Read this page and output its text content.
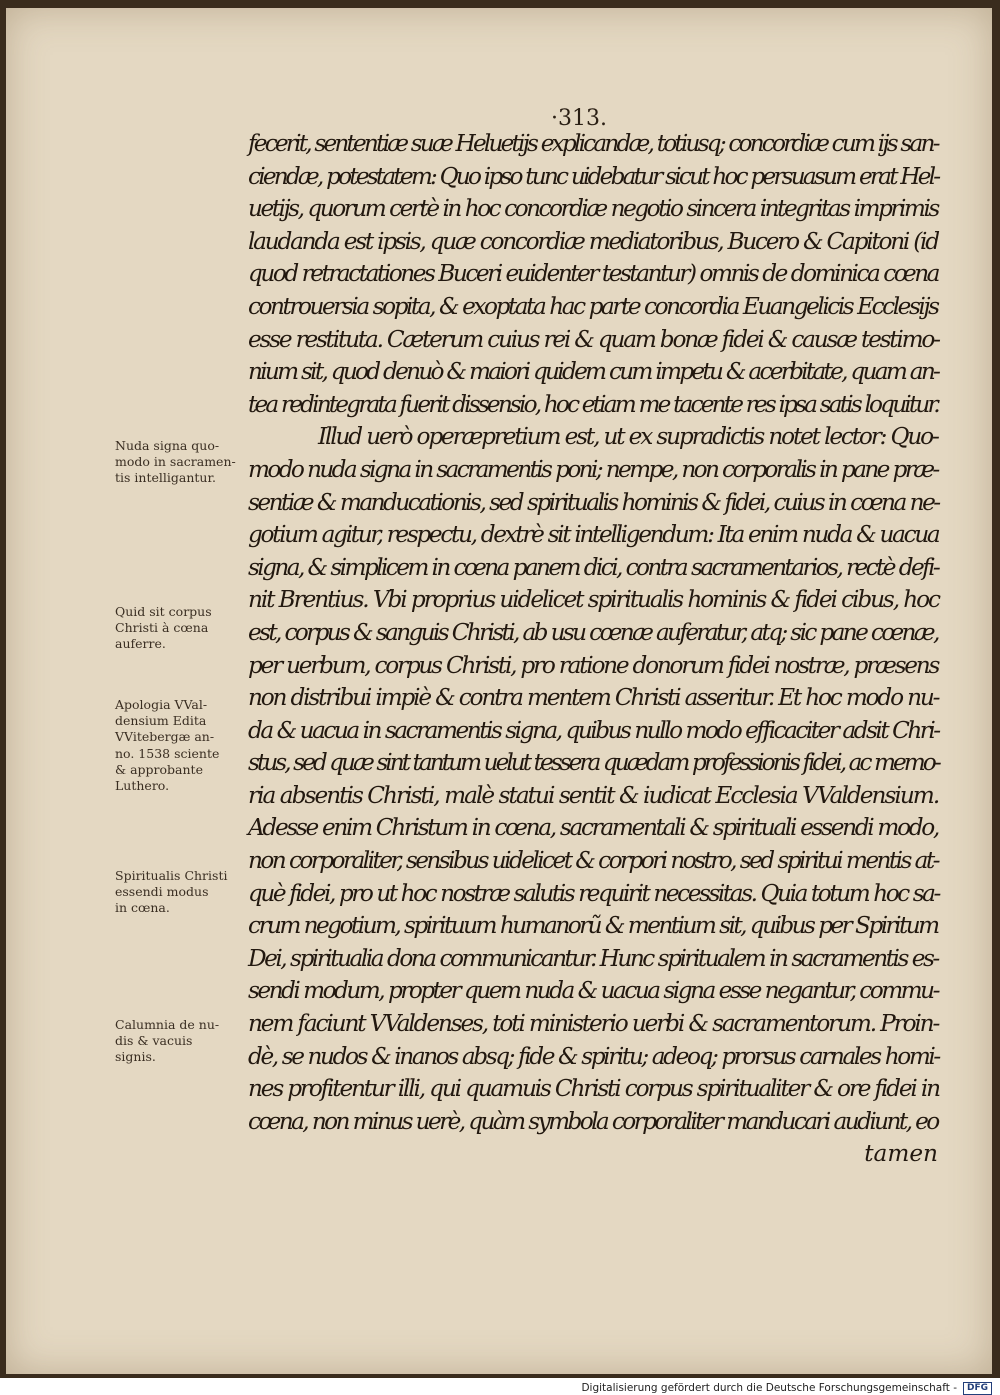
·313.
fecerit, sententiæ suæ Heluetijs explicandæ, totiusq; concordiæ cum ijs san-
ciendæ, potestatem: Quo ipso tunc uidebatur sicut hoc persuasum erat Hel-
uetijs, quorum certè in hoc concordiæ negotio sincera integritas imprimis
laudanda est ipsis, quæ concordiæ mediatoribus, Bucero & Capitoni (id
quod retractationes Buceri euidenter testantur) omnis de dominica cœna
controuersia sopita, & exoptata hac parte concordia Euangelicis Ecclesijs
esse restituta. Cæterum cuius rei & quam bonæ fidei & causæ testimo-
nium sit, quod denuò & maiori quidem cum impetu & acerbitate, quam an-
tea redintegrata fuerit dissensio, hoc etiam me tacente res ipsa satis loquitur.
Illud uerò operæpretium est, ut ex supradictis notet lector: Quo-
modo nuda signa in sacramentis poni; nempe, non corporalis in pane præ-
sentiæ & manducationis, sed spiritualis hominis & fidei, cuius in cœna ne-
gotium agitur, respectu, dextrè sit intelligendum: Ita enim nuda & uacua
signa, & simplicem in cœna panem dici, contra sacramentarios, rectè defi-
nit Brentius. Vbi proprius uidelicet spiritualis hominis & fidei cibus, hoc
est, corpus & sanguis Christi, ab usu cœnæ auferatur, atq; sic pane cœnæ,
per uerbum, corpus Christi, pro ratione donorum fidei nostræ, præsens
non distribui impiè & contra mentem Christi asseritur. Et hoc modo nu-
da & uacua in sacramentis signa, quibus nullo modo efficaciter adsit Chri-
stus, sed quæ sint tantum uelut tessera quædam professionis fidei, ac memo-
ria absentis Christi, malè statui sentit & iudicat Ecclesia VValdensium.
Adesse enim Christum in cœna, sacramentali & spirituali essendi modo,
non corporaliter, sensibus uidelicet & corpori nostro, sed spiritui mentis at-
què fidei, pro ut hoc nostræ salutis requirit necessitas. Quia totum hoc sa-
crum negotium, spirituum humanorũ & mentium sit, quibus per Spiritum
Dei, spiritualia dona communicantur. Hunc spiritualem in sacramentis es-
sendi modum, propter quem nuda & uacua signa esse negantur, commu-
nem faciunt VValdenses, toti ministerio uerbi & sacramentorum. Proin-
dè, se nudos & inanos absq; fide & spiritu; adeoq; prorsus carnales homi-
nes profitentur illi, qui quamuis Christi corpus spiritualiter & ore fidei in
cœna, non minus uerè, quàm symbola corporaliter manducari audiunt, eo
tamen
Nuda signa quo-
modo in sacramen-
tis intelligantur.
Quid sit corpus
Christi à cœna
auferre.
Apologia VVal-
densium Edita
VVitebergæ an-
no. 1538 sciente
& approbante
Luthero.
Spiritualis Christi
essendi modus
in cœna.
Calumnia de nu-
dis & vacuis
signis.
Digitalisierung gefördert durch die Deutsche Forschungsgemeinschaft -	DFG
